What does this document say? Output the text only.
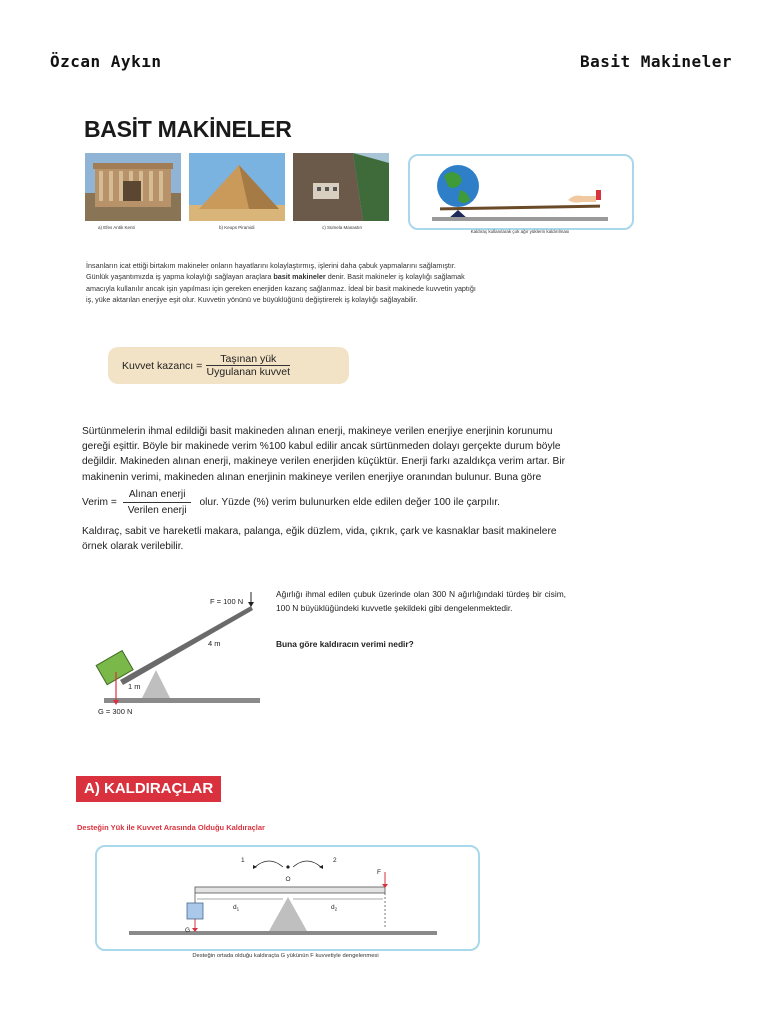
Özcan Aykın	Basit Makineler
BASİT MAKİNELER
a) Efes Antik Kenti	b) Keops Piramidi	c) Sümela Manastırı
Kaldıraç kullanılarak çok ağır yüklerin kaldırılması
İnsanların icat ettiği birtakım makineler onların hayatlarını kolaylaştırmış, işlerini daha çabuk yapmalarını sağlamıştır. Günlük yaşantımızda iş yapma kolaylığı sağlayan araçlara basit makineler denir. Basit makineler iş kolaylığı sağlamak amacıyla kullanılır ancak işin yapılması için gereken enerjiden kazanç sağlanmaz. İdeal bir basit makinede kuvvetin yaptığı iş, yüke aktarılan enerjiye eşit olur. Kuvvetin yönünü ve büyüklüğünü değiştirerek iş kolaylığı sağlayabilir.
Kuvvet kazancı = $\frac{\text{Taşınan yük}}{\text{Uygulanan kuvvet}}$
Sürtünmelerin ihmal edildiği basit makineden alınan enerji, makineye verilen enerjiye enerjinin korunumu gereği eşittir. Böyle bir makinede verim %100 kabul edilir ancak sürtünmeden dolayı gerçekte durum böyle değildir. Makineden alınan enerji, makineye verilen enerjiden küçüktür. Enerji farkı azaldıkça verim artar. Bir makinenin verimi, makineden alınan enerjinin makineye verilen enerjiye oranından bulunur. Buna göre
Verim = $\frac{\text{Alınan enerji}}{\text{Verilen enerji}}$ olur. Yüzde (%) verim bulunurken elde edilen değer 100 ile çarpılır.
Kaldıraç, sabit ve hareketli makara, palanga, eğik düzlem, vida, çıkrık, çark ve kasnaklar basit makinelere örnek olarak verilebilir.
F = 100 N
4 m
1 m
G = 300 N
Ağırlığı ihmal edilen çubuk üzerinde olan 300 N ağırlığındaki türdeş bir cisim, 100 N büyüklüğündeki kuvvetle şekildeki gibi dengelenmektedir.
Buna göre kaldıracın verimi nedir?
A) KALDIRAÇLAR
Desteğin Yük ile Kuvvet Arasında Olduğu Kaldıraçlar
1	2
O
F
G
$d_1$	$d_2$
Desteğin ortada olduğu kaldıraçta G yükünün F kuvvetiyle dengelenmesi
